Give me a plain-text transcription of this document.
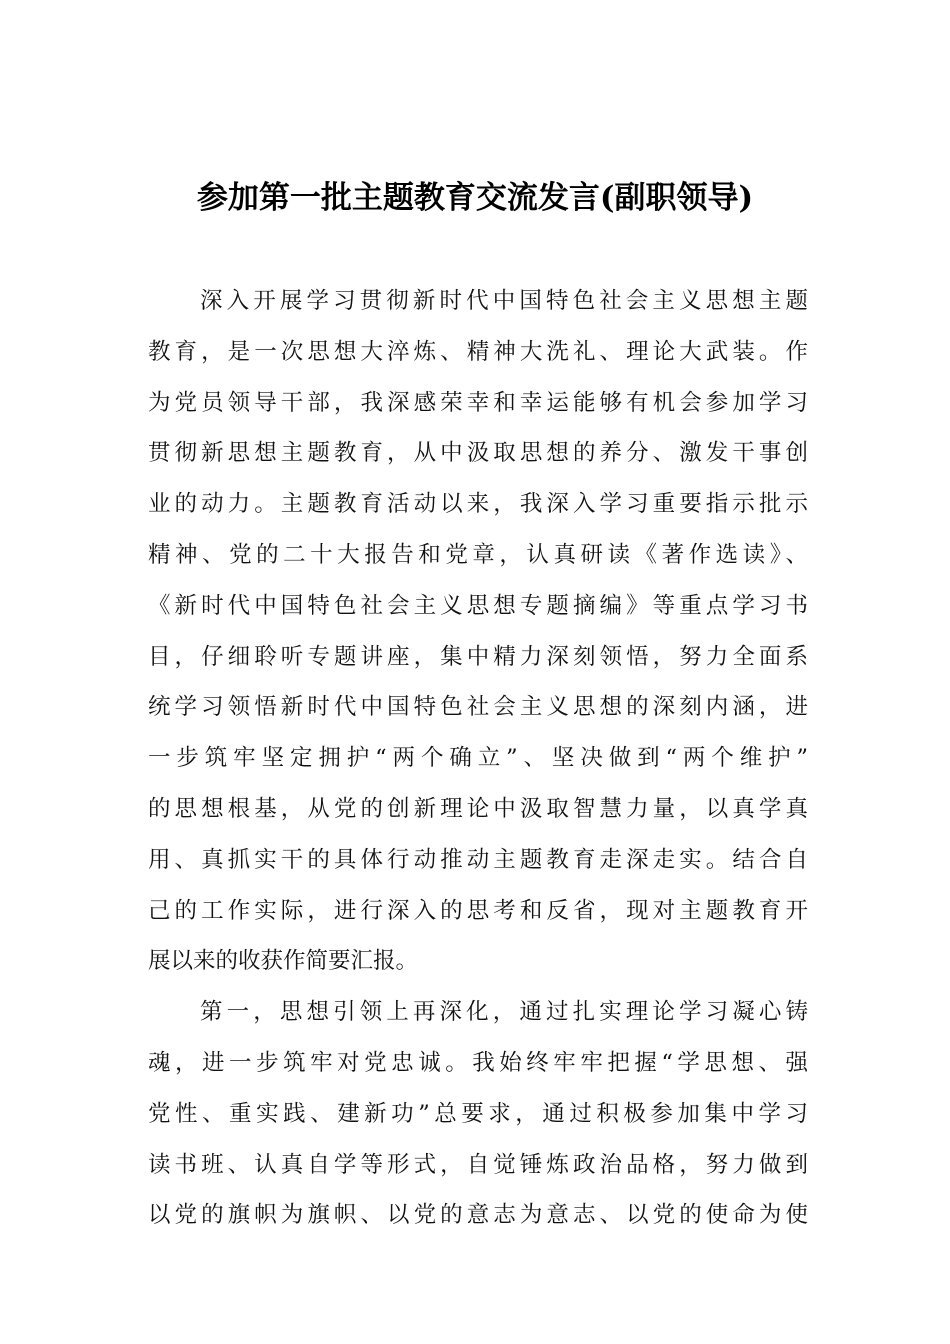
参加第一批主题教育交流发言(副职领导)
深入开展学习贯彻新时代中国特色社会主义思想主题
教育，是一次思想大淬炼、精神大洗礼、理论大武装。作
为党员领导干部，我深感荣幸和幸运能够有机会参加学习
贯彻新思想主题教育，从中汲取思想的养分、激发干事创
业的动力。主题教育活动以来，我深入学习重要指示批示
精神、党的二十大报告和党章，认真研读《著作选读》、
《新时代中国特色社会主义思想专题摘编》等重点学习书
目，仔细聆听专题讲座，集中精力深刻领悟，努力全面系
统学习领悟新时代中国特色社会主义思想的深刻内涵，进
一步筑牢坚定拥护“两个确立”、坚决做到“两个维护”
的思想根基，从党的创新理论中汲取智慧力量，以真学真
用、真抓实干的具体行动推动主题教育走深走实。结合自
己的工作实际，进行深入的思考和反省，现对主题教育开
展以来的收获作简要汇报。
第一，思想引领上再深化，通过扎实理论学习凝心铸
魂，进一步筑牢对党忠诚。我始终牢牢把握“学思想、强
党性、重实践、建新功”总要求，通过积极参加集中学习
读书班、认真自学等形式，自觉锤炼政治品格，努力做到
以党的旗帜为旗帜、以党的意志为意志、以党的使命为使
